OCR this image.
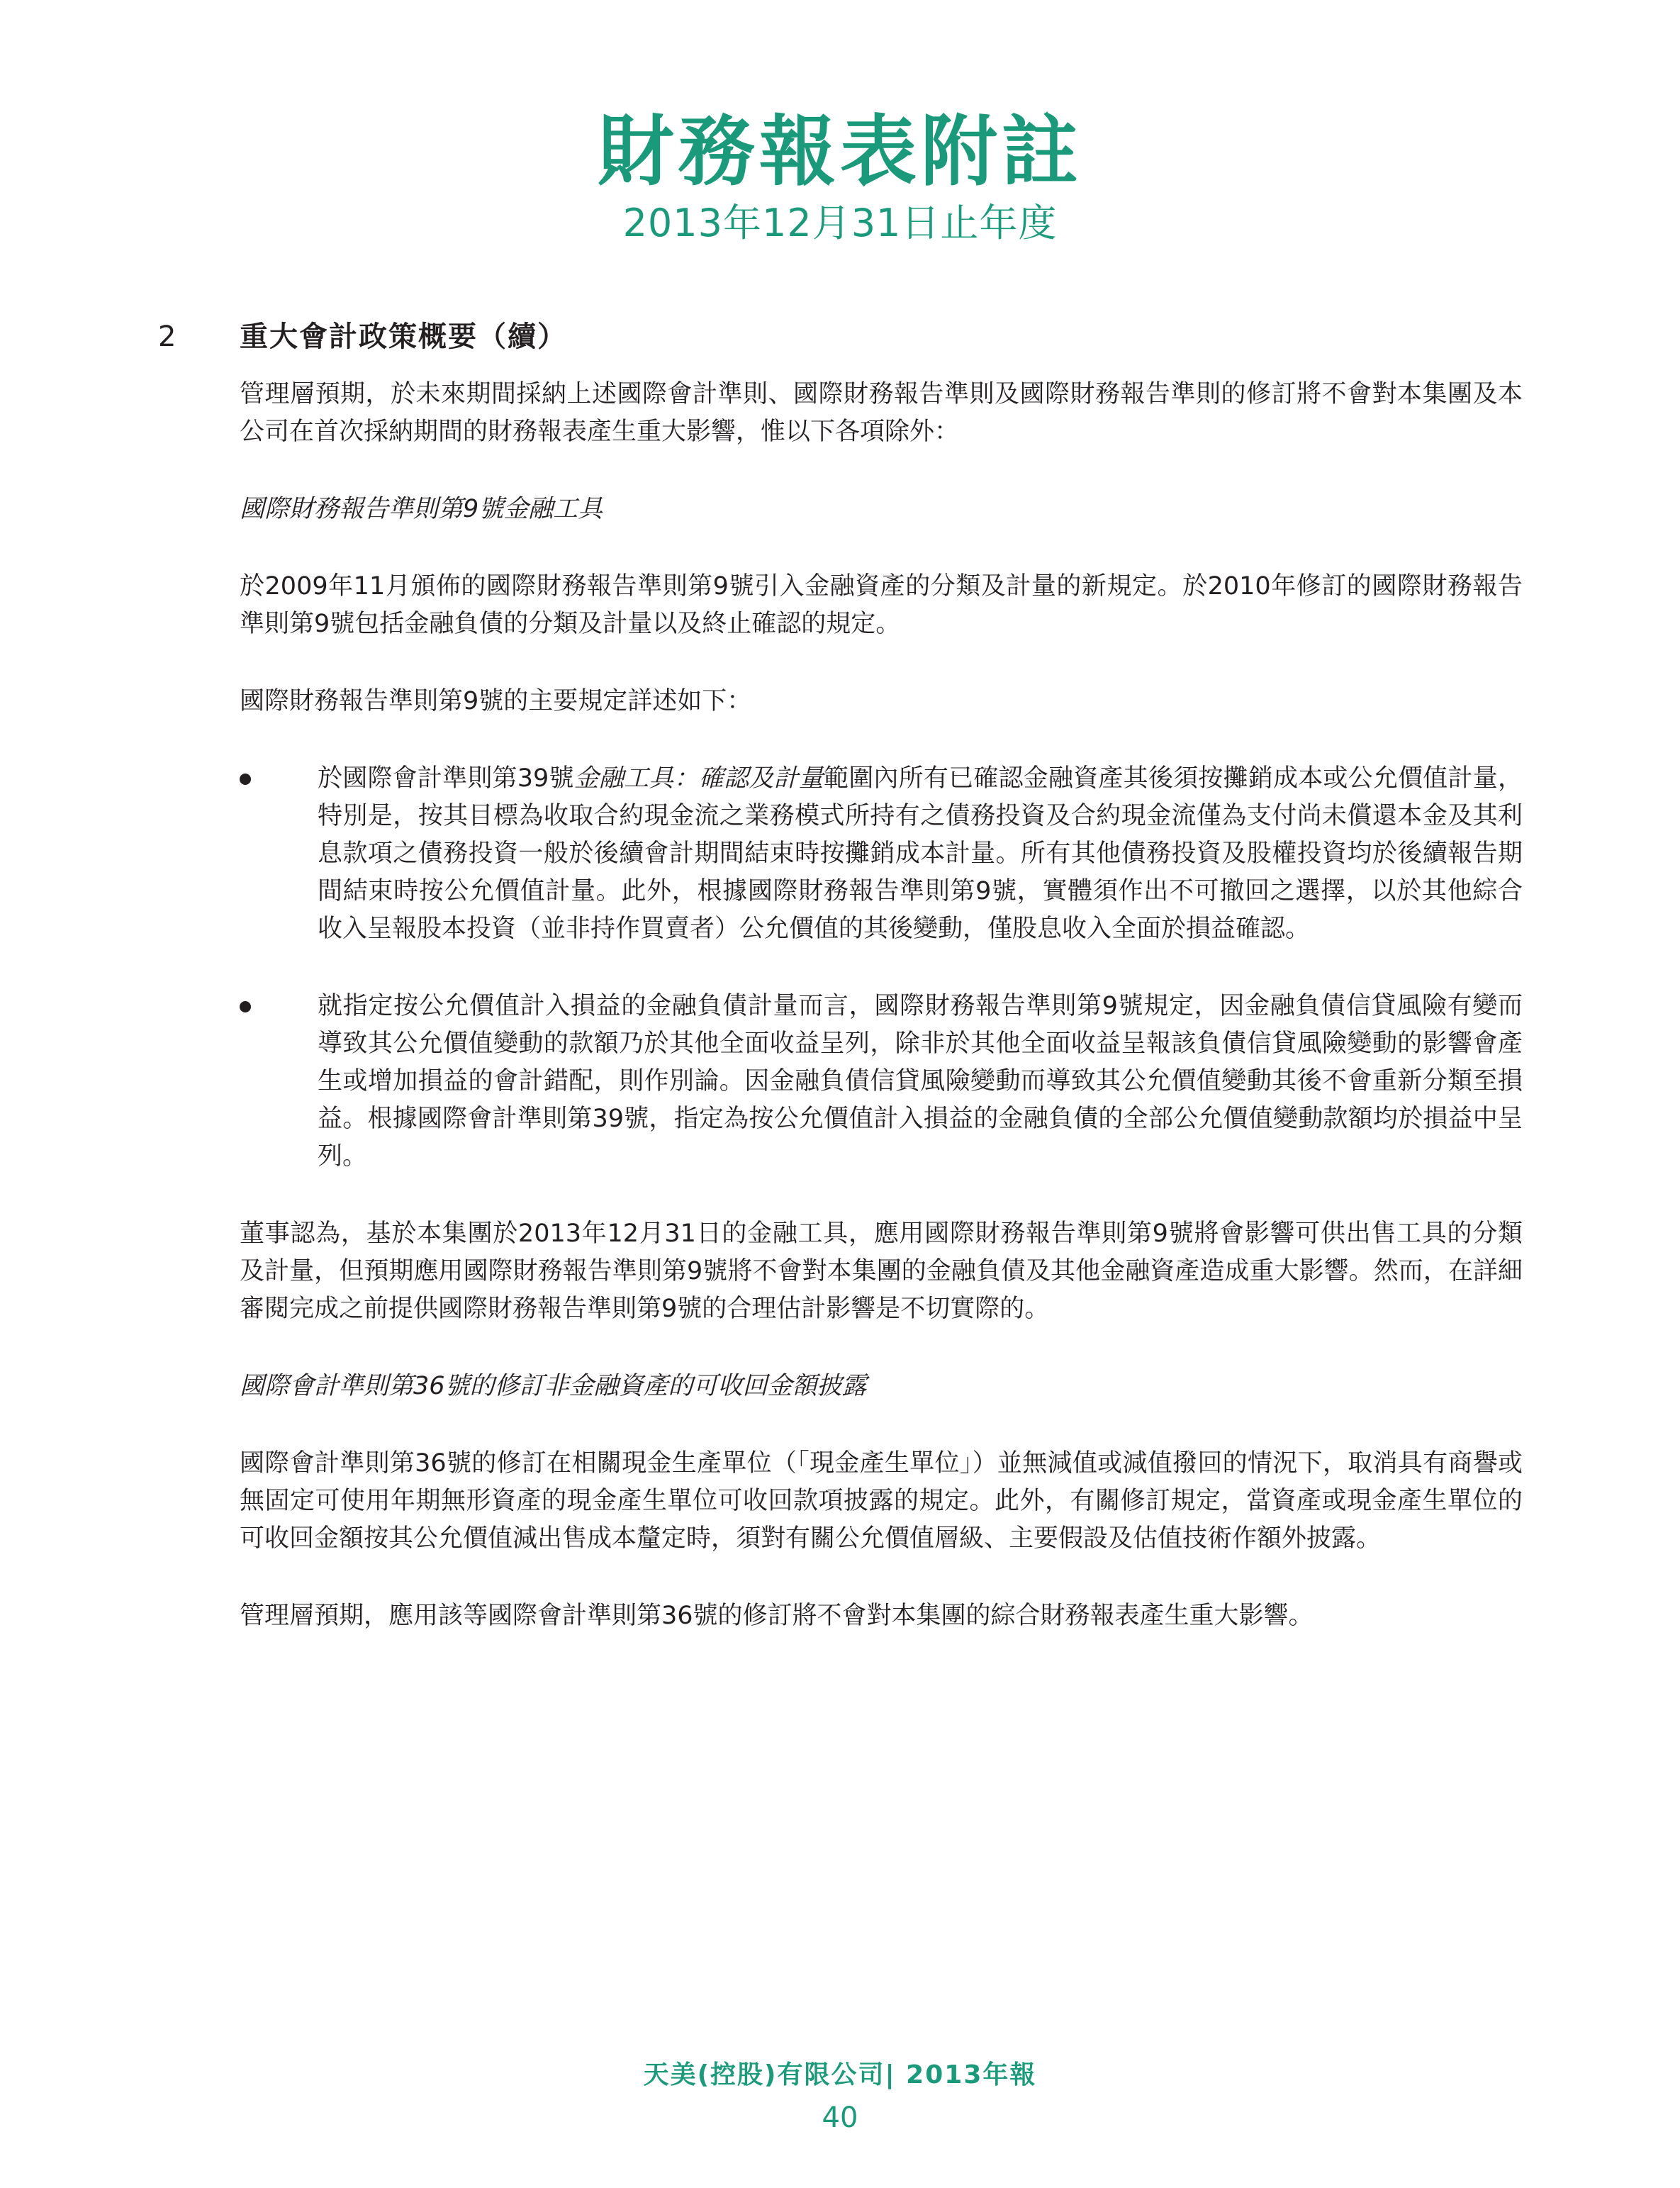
財務報表附註
2013年12月31日止年度
2 重大會計政策概要（續）

管理層預期，於未來期間採納上述國際會計準則、國際財務報告準則及國際財務報告準則的修訂將不會對本集團及本公司在首次採納期間的財務報表產生重大影響，惟以下各項除外：

國際財務報告準則第9號金融工具

於2009年11月頒佈的國際財務報告準則第9號引入金融資產的分類及計量的新規定。於2010年修訂的國際財務報告準則第9號包括金融負債的分類及計量以及終止確認的規定。

國際財務報告準則第9號的主要規定詳述如下：

於國際會計準則第39號金融工具：確認及計量範圍內所有已確認金融資產其後須按攤銷成本或公允價值計量，特別是，按其目標為收取合約現金流之業務模式所持有之債務投資及合約現金流僅為支付尚未償還本金及其利息款項之債務投資一般於後續會計期間結束時按攤銷成本計量。所有其他債務投資及股權投資均於後續報告期間結束時按公允價值計量。此外，根據國際財務報告準則第9號，實體須作出不可撤回之選擇，以於其他綜合收入呈報股本投資（並非持作買賣者）公允價值的其後變動，僅股息收入全面於損益確認。
就指定按公允價值計入損益的金融負債計量而言，國際財務報告準則第9號規定，因金融負債信貸風險有變而導致其公允價值變動的款額乃於其他全面收益呈列，除非於其他全面收益呈報該負債信貸風險變動的影響會產生或增加損益的會計錯配，則作別論。因金融負債信貸風險變動而導致其公允價值變動其後不會重新分類至損益。根據國際會計準則第39號，指定為按公允價值計入損益的金融負債的全部公允價值變動款額均於損益中呈列。

董事認為，基於本集團於2013年12月31日的金融工具，應用國際財務報告準則第9號將會影響可供出售工具的分類及計量，但預期應用國際財務報告準則第9號將不會對本集團的金融負債及其他金融資產造成重大影響。然而，在詳細審閱完成之前提供國際財務報告準則第9號的合理估計影響是不切實際的。

國際會計準則第36號的修訂非金融資產的可收回金額披露

國際會計準則第36號的修訂在相關現金生產單位（「現金產生單位」）並無減值或減值撥回的情況下，取消具有商譽或無固定可使用年期無形資產的現金產生單位可收回款項披露的規定。此外，有關修訂規定，當資產或現金產生單位的可收回金額按其公允價值減出售成本釐定時，須對有關公允價值層級、主要假設及估值技術作額外披露。

管理層預期，應用該等國際會計準則第36號的修訂將不會對本集團的綜合財務報表產生重大影響。

天美(控股)有限公司| 2013年報
40
